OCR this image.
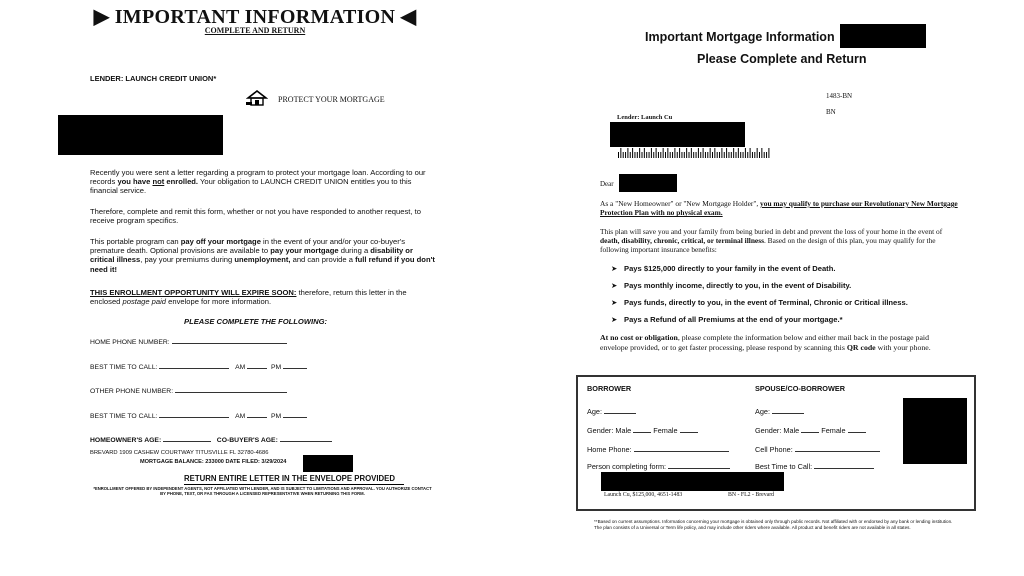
▶ IMPORTANT INFORMATION ◀
COMPLETE AND RETURN
LENDER: LAUNCH CREDIT UNION*
PROTECT YOUR MORTGAGE
Recently you were sent a letter regarding a program to protect your mortgage loan. According to our records you have not enrolled. Your obligation to LAUNCH CREDIT UNION entitles you to this financial service.
Therefore, complete and remit this form, whether or not you have responded to another request, to receive program specifics.
This portable program can pay off your mortgage in the event of your and/or your co-buyer's premature death. Optional provisions are available to pay your mortgage during a disability or critical illness, pay your premiums during unemployment, and can provide a full refund if you don't need it!
THIS ENROLLMENT OPPORTUNITY WILL EXPIRE SOON: therefore, return this letter in the enclosed postage paid envelope for more information.
PLEASE COMPLETE THE FOLLOWING:
HOME PHONE NUMBER:
BEST TIME TO CALL:	AM	PM
OTHER PHONE NUMBER:
BEST TIME TO CALL:	AM	PM
HOMEOWNER'S AGE:	CO-BUYER'S AGE:
BREVARD 1909 CASHEW COURTWAY TITUSVILLE FL 32780-4686
MORTGAGE BALANCE: 233000 DATE FILED: 3/29/2024
RETURN ENTIRE LETTER IN THE ENVELOPE PROVIDED
*ENROLLMENT OFFERED BY INDEPENDENT AGENTS, NOT AFFILIATED WITH LENDER, AND IS SUBJECT TO LIMITATIONS AND APPROVAL. YOU AUTHORIZE CONTACT BY PHONE, TEXT, OR FAX THROUGH A LICENSED REPRESENTATIVE WHEN RETURNING THIS FORM.
Important Mortgage Information
Please Complete and Return
1483-BN
BN
Lender: Launch Cu
Dear
As a "New Homeowner" or "New Mortgage Holder", you may qualify to purchase our Revolutionary New Mortgage Protection Plan with no physical exam.
This plan will save you and your family from being buried in debt and prevent the loss of your home in the event of death, disability, chronic, critical, or terminal illness. Based on the design of this plan, you may qualify for the following important insurance benefits:
➤ Pays $125,000 directly to your family in the event of Death.
➤ Pays monthly income, directly to you, in the event of Disability.
➤ Pays funds, directly to you, in the event of Terminal, Chronic or Critical illness.
➤ Pays a Refund of all Premiums at the end of your mortgage.*
At no cost or obligation, please complete the information below and either mail back in the postage paid envelope provided, or to get faster processing, please respond by scanning this QR code with your phone.
BORROWER	SPOUSE/CO-BORROWER
Age:	Age:
Gender: Male	Female	Gender: Male	Female
Home Phone:	Cell Phone:
Person completing form:	Best Time to Call:
Launch Cu, $125,000, 4651-1483	BN - FL2 - Brevard
**Based on current assumptions. Information concerning your mortgage is obtained only through public records. Not affiliated with or endorsed by any bank or lending institution. The plan consists of a Universal or Term life policy, and may include other riders where available. All product and benefit riders are not available in all states.
